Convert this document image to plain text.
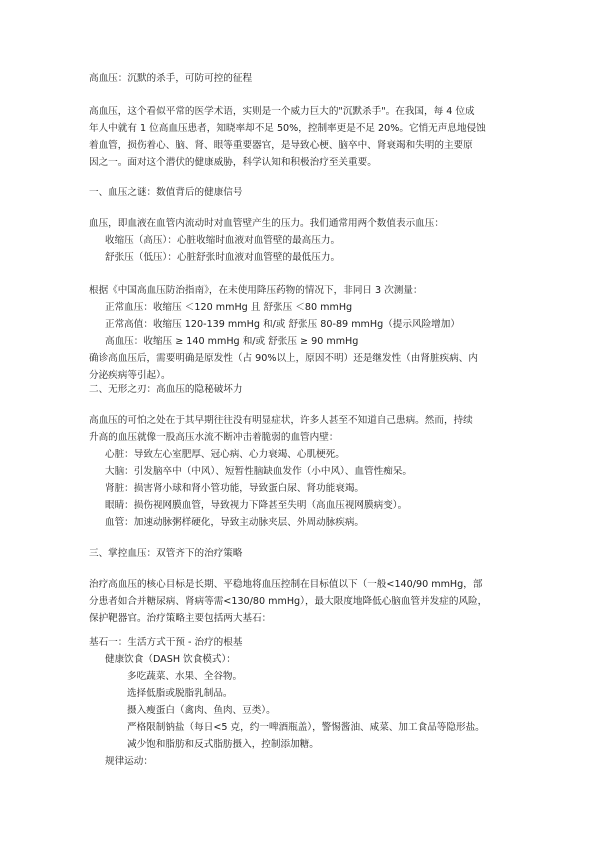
高血压：沉默的杀手，可防可控的征程
高血压，这个看似平常的医学术语，实则是一个威力巨大的"沉默杀手"。在我国，每 4 位成
年人中就有 1 位高血压患者，知晓率却不足 50%，控制率更是不足 20%。它悄无声息地侵蚀
着血管，损伤着心、脑、肾、眼等重要器官，是导致心梗、脑卒中、肾衰竭和失明的主要原
因之一。面对这个潜伏的健康威胁，科学认知和积极治疗至关重要。
一、血压之谜：数值背后的健康信号
血压，即血液在血管内流动时对血管壁产生的压力。我们通常用两个数值表示血压：
收缩压（高压）：心脏收缩时血液对血管壁的最高压力。
舒张压（低压）：心脏舒张时血液对血管壁的最低压力。
根据《中国高血压防治指南》，在未使用降压药物的情况下，非同日 3 次测量：
正常血压：收缩压 ＜120 mmHg 且 舒张压 ＜80 mmHg
正常高值：收缩压 120-139 mmHg 和/或 舒张压 80-89 mmHg（提示风险增加）
高血压：收缩压 ≥ 140 mmHg 和/或 舒张压 ≥ 90 mmHg
确诊高血压后，需要明确是原发性（占 90%以上，原因不明）还是继发性（由肾脏疾病、内
分泌疾病等引起）。
二、无形之刃：高血压的隐秘破坏力
高血压的可怕之处在于其早期往往没有明显症状，许多人甚至不知道自己患病。然而，持续
升高的血压就像一股高压水流不断冲击着脆弱的血管内壁：
心脏：导致左心室肥厚、冠心病、心力衰竭、心肌梗死。
大脑：引发脑卒中（中风）、短暂性脑缺血发作（小中风）、血管性痴呆。
肾脏：损害肾小球和肾小管功能，导致蛋白尿、肾功能衰竭。
眼睛：损伤视网膜血管，导致视力下降甚至失明（高血压视网膜病变）。
血管：加速动脉粥样硬化，导致主动脉夹层、外周动脉疾病。
三、掌控血压：双管齐下的治疗策略
治疗高血压的核心目标是长期、平稳地将血压控制在目标值以下（一般<140/90 mmHg，部
分患者如合并糖尿病、肾病等需<130/80 mmHg），最大限度地降低心脑血管并发症的风险，
保护靶器官。治疗策略主要包括两大基石：
基石一：生活方式干预 - 治疗的根基
健康饮食（DASH 饮食模式）：
多吃蔬菜、水果、全谷物。
选择低脂或脱脂乳制品。
摄入瘦蛋白（禽肉、鱼肉、豆类）。
严格限制钠盐（每日<5 克，约一啤酒瓶盖），警惕酱油、咸菜、加工食品等隐形盐。
减少饱和脂肪和反式脂肪摄入，控制添加糖。
规律运动：
